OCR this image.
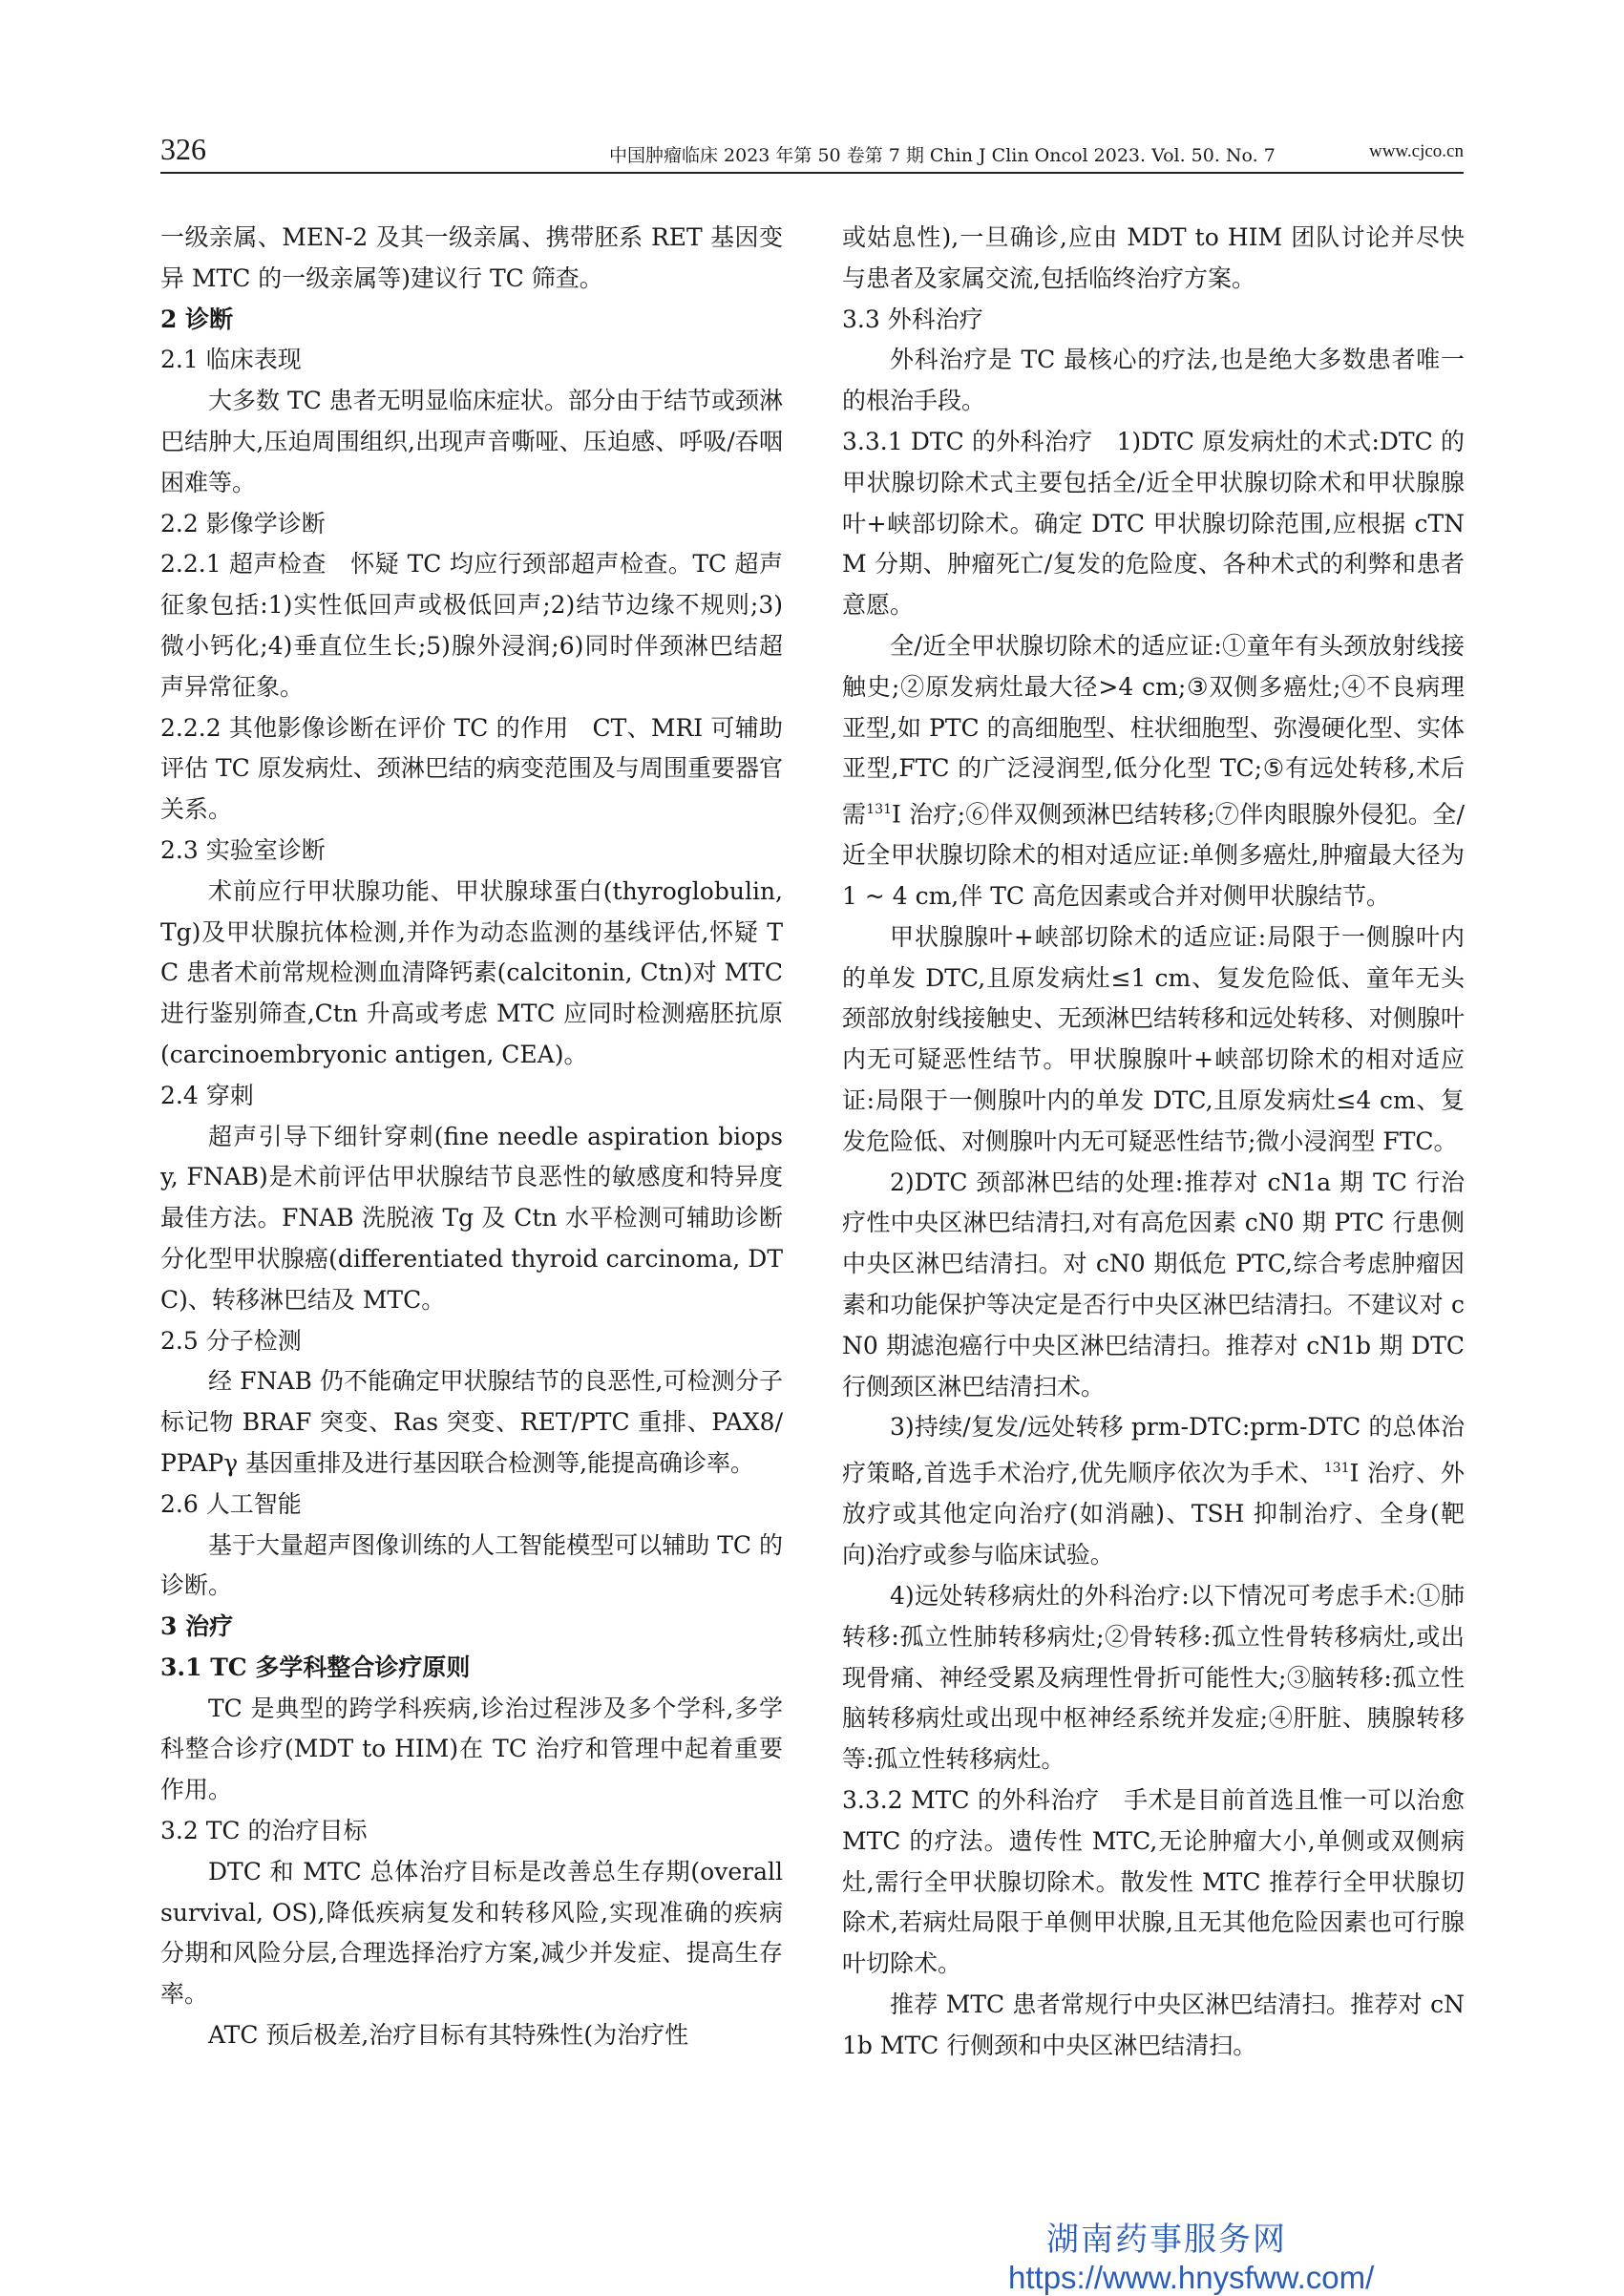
326	中国肿瘤临床 2023 年第 50 卷第 7 期 Chin J Clin Oncol 2023. Vol. 50. No. 7	www.cjco.cn

一级亲属、MEN-2 及其一级亲属、携带胚系 RET 基因变异 MTC 的一级亲属等)建议行 TC 筛查。

2 诊断

2.1 临床表现

大多数 TC 患者无明显临床症状。部分由于结节或颈淋巴结肿大,压迫周围组织,出现声音嘶哑、压迫感、呼吸/吞咽困难等。

2.2 影像学诊断

2.2.1 超声检查  怀疑 TC 均应行颈部超声检查。TC 超声征象包括:1)实性低回声或极低回声;2)结节边缘不规则;3)微小钙化;4)垂直位生长;5)腺外浸润;6)同时伴颈淋巴结超声异常征象。

2.2.2 其他影像诊断在评价 TC 的作用  CT、MRI 可辅助评估 TC 原发病灶、颈淋巴结的病变范围及与周围重要器官关系。

2.3 实验室诊断

术前应行甲状腺功能、甲状腺球蛋白(thyroglobulin, Tg)及甲状腺抗体检测,并作为动态监测的基线评估,怀疑 TC 患者术前常规检测血清降钙素(calcitonin, Ctn)对 MTC 进行鉴别筛查,Ctn 升高或考虑 MTC 应同时检测癌胚抗原(carcinoembryonic antigen, CEA)。

2.4 穿刺

超声引导下细针穿刺(fine needle aspiration biopsy, FNAB)是术前评估甲状腺结节良恶性的敏感度和特异度最佳方法。FNAB 洗脱液 Tg 及 Ctn 水平检测可辅助诊断分化型甲状腺癌(differentiated thyroid carcinoma, DTC)、转移淋巴结及 MTC。

2.5 分子检测

经 FNAB 仍不能确定甲状腺结节的良恶性,可检测分子标记物 BRAF 突变、Ras 突变、RET/PTC 重排、PAX8/PPAPγ 基因重排及进行基因联合检测等,能提高确诊率。

2.6 人工智能

基于大量超声图像训练的人工智能模型可以辅助 TC 的诊断。

3 治疗

3.1 TC 多学科整合诊疗原则

TC 是典型的跨学科疾病,诊治过程涉及多个学科,多学科整合诊疗(MDT to HIM)在 TC 治疗和管理中起着重要作用。

3.2 TC 的治疗目标

DTC 和 MTC 总体治疗目标是改善总生存期(overall survival, OS),降低疾病复发和转移风险,实现准确的疾病分期和风险分层,合理选择治疗方案,减少并发症、提高生存率。

ATC 预后极差,治疗目标有其特殊性(为治疗性

或姑息性),一旦确诊,应由 MDT to HIM 团队讨论并尽快与患者及家属交流,包括临终治疗方案。

3.3 外科治疗

外科治疗是 TC 最核心的疗法,也是绝大多数患者唯一的根治手段。

3.3.1 DTC 的外科治疗  1)DTC 原发病灶的术式:DTC 的甲状腺切除术式主要包括全/近全甲状腺切除术和甲状腺腺叶+峡部切除术。确定 DTC 甲状腺切除范围,应根据 cTNM 分期、肿瘤死亡/复发的危险度、各种术式的利弊和患者意愿。

全/近全甲状腺切除术的适应证:①童年有头颈放射线接触史;②原发病灶最大径>4 cm;③双侧多癌灶;④不良病理亚型,如 PTC 的高细胞型、柱状细胞型、弥漫硬化型、实体亚型,FTC 的广泛浸润型,低分化型 TC;⑤有远处转移,术后需$^{131}$I 治疗;⑥伴双侧颈淋巴结转移;⑦伴肉眼腺外侵犯。全/近全甲状腺切除术的相对适应证:单侧多癌灶,肿瘤最大径为 1 ~ 4 cm,伴 TC 高危因素或合并对侧甲状腺结节。

甲状腺腺叶+峡部切除术的适应证:局限于一侧腺叶内的单发 DTC,且原发病灶≤1 cm、复发危险低、童年无头颈部放射线接触史、无颈淋巴结转移和远处转移、对侧腺叶内无可疑恶性结节。甲状腺腺叶+峡部切除术的相对适应证:局限于一侧腺叶内的单发 DTC,且原发病灶≤4 cm、复发危险低、对侧腺叶内无可疑恶性结节;微小浸润型 FTC。

2)DTC 颈部淋巴结的处理:推荐对 cN1a 期 TC 行治疗性中央区淋巴结清扫,对有高危因素 cN0 期 PTC 行患侧中央区淋巴结清扫。对 cN0 期低危 PTC,综合考虑肿瘤因素和功能保护等决定是否行中央区淋巴结清扫。不建议对 cN0 期滤泡癌行中央区淋巴结清扫。推荐对 cN1b 期 DTC 行侧颈区淋巴结清扫术。

3)持续/复发/远处转移 prm-DTC:prm-DTC 的总体治疗策略,首选手术治疗,优先顺序依次为手术、$^{131}$I 治疗、外放疗或其他定向治疗(如消融)、TSH 抑制治疗、全身(靶向)治疗或参与临床试验。

4)远处转移病灶的外科治疗:以下情况可考虑手术:①肺转移:孤立性肺转移病灶;②骨转移:孤立性骨转移病灶,或出现骨痛、神经受累及病理性骨折可能性大;③脑转移:孤立性脑转移病灶或出现中枢神经系统并发症;④肝脏、胰腺转移等:孤立性转移病灶。

3.3.2 MTC 的外科治疗  手术是目前首选且惟一可以治愈 MTC 的疗法。遗传性 MTC,无论肿瘤大小,单侧或双侧病灶,需行全甲状腺切除术。散发性 MTC 推荐行全甲状腺切除术,若病灶局限于单侧甲状腺,且无其他危险因素也可行腺叶切除术。

推荐 MTC 患者常规行中央区淋巴结清扫。推荐对 cN1b MTC 行侧颈和中央区淋巴结清扫。

湖南药事服务网
https://www.hnysfww.com/
